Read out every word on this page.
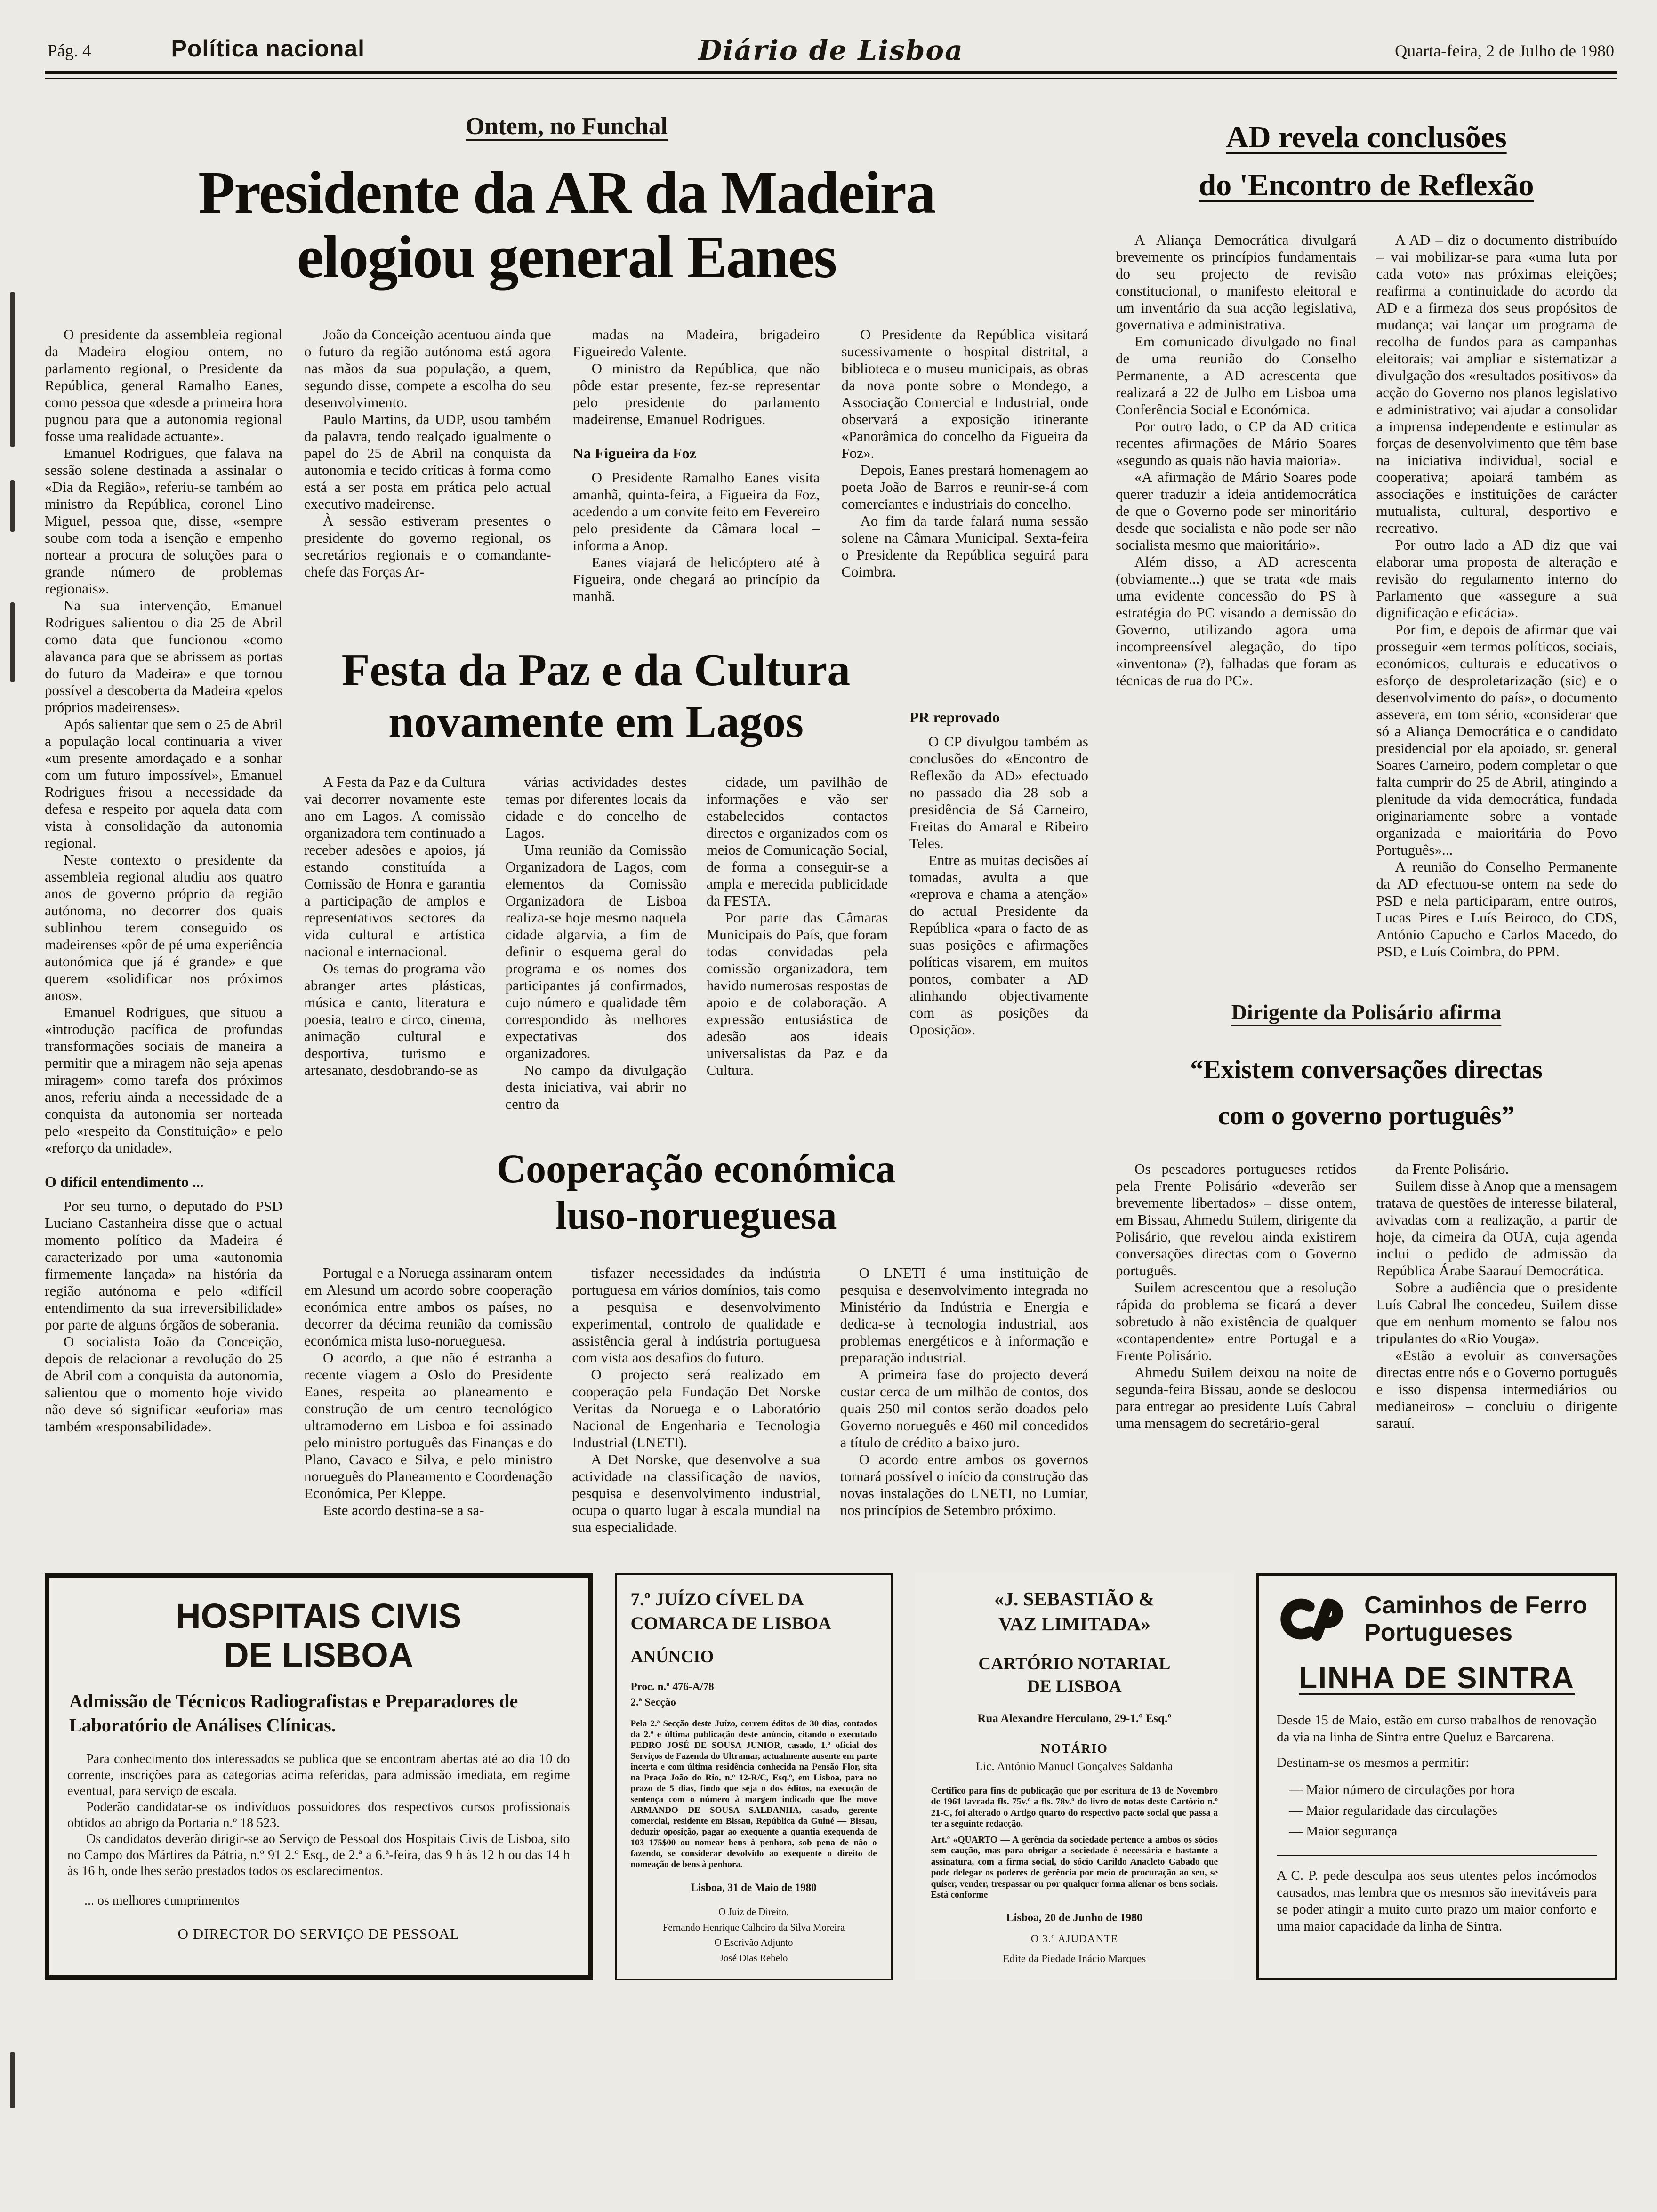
Pág. 4	Política nacional	Diário de Lisboa	Quarta-feira, 2 de Julho de 1980
Ontem, no Funchal
Presidente da AR da Madeira
elogiou general Eanes

O presidente da assembleia regional da Madeira elogiou ontem, no parlamento regional, o Presidente da República, general Ramalho Eanes, como pessoa que «desde a primeira hora pugnou para que a autonomia regional fosse uma realidade actuante».

Emanuel Rodrigues, que falava na sessão solene destinada a assinalar o «Dia da Região», referiu-se também ao ministro da República, coronel Lino Miguel, pessoa que, disse, «sempre soube com toda a isenção e empenho nortear a procura de soluções para o grande número de problemas regionais».

Na sua intervenção, Emanuel Rodrigues salientou o dia 25 de Abril como data que funcionou «como alavanca para que se abrissem as portas do futuro da Madeira» e que tornou possível a descoberta da Madeira «pelos próprios madeirenses».

Após salientar que sem o 25 de Abril a população local continuaria a viver «um presente amordaçado e a sonhar com um futuro impossível», Emanuel Rodrigues frisou a necessidade da defesa e respeito por aquela data com vista à consolidação da autonomia regional.

Neste contexto o presidente da assembleia regional aludiu aos quatro anos de governo próprio da região autónoma, no decorrer dos quais sublinhou terem conseguido os madeirenses «pôr de pé uma experiência autonómica que já é grande» e que querem «solidificar nos próximos anos».

Emanuel Rodrigues, que situou a «introdução pacífica de profundas transformações sociais de maneira a permitir que a miragem não seja apenas miragem» como tarefa dos próximos anos, referiu ainda a necessidade de a conquista da autonomia ser norteada pelo «respeito da Constituição» e pelo «reforço da unidade».

O difícil entendimento ...

Por seu turno, o deputado do PSD Luciano Castanheira disse que o actual momento político da Madeira é caracterizado por uma «autonomia firmemente lançada» na história da região autónoma e pelo «difícil entendimento da sua irreversibilidade» por parte de alguns órgãos de soberania.

O socialista João da Conceição, depois de relacionar a revolução do 25 de Abril com a conquista da autonomia, salientou que o momento hoje vivido não deve só significar «euforia» mas também «responsabilidade».

João da Conceição acentuou ainda que o futuro da região autónoma está agora nas mãos da sua população, a quem, segundo disse, compete a escolha do seu desenvolvimento.

Paulo Martins, da UDP, usou também da palavra, tendo realçado igualmente o papel do 25 de Abril na conquista da autonomia e tecido críticas à forma como está a ser posta em prática pelo actual executivo madeirense.

À sessão estiveram presentes o presidente do governo regional, os secretários regionais e o comandante-chefe das Forças Ar-

madas na Madeira, brigadeiro Figueiredo Valente.

O ministro da República, que não pôde estar presente, fez-se representar pelo presidente do parlamento madeirense, Emanuel Rodrigues.

Na Figueira da Foz

O Presidente Ramalho Eanes visita amanhã, quinta-feira, a Figueira da Foz, acedendo a um convite feito em Fevereiro pelo presidente da Câmara local – informa a Anop.

Eanes viajará de helicóptero até à Figueira, onde chegará ao princípio da manhã.

O Presidente da República visitará sucessivamente o hospital distrital, a biblioteca e o museu municipais, as obras da nova ponte sobre o Mondego, a Associação Comercial e Industrial, onde observará a exposição itinerante «Panorâmica do concelho da Figueira da Foz».

Depois, Eanes prestará homenagem ao poeta João de Barros e reunir-se-á com comerciantes e industriais do concelho.

Ao fim da tarde falará numa sessão solene na Câmara Municipal. Sexta-feira o Presidente da República seguirá para Coimbra.

Festa da Paz e da Cultura
novamente em Lagos

A Festa da Paz e da Cultura vai decorrer novamente este ano em Lagos. A comissão organizadora tem continuado a receber adesões e apoios, já estando constituída a Comissão de Honra e garantia a participação de amplos e representativos sectores da vida cultural e artística nacional e internacional.

Os temas do programa vão abranger artes plásticas, música e canto, literatura e poesia, teatro e circo, cinema, animação cultural e desportiva, turismo e artesanato, desdobrando-se as

várias actividades destes temas por diferentes locais da cidade e do concelho de Lagos.

Uma reunião da Comissão Organizadora de Lagos, com elementos da Comissão Organizadora de Lisboa realiza-se hoje mesmo naquela cidade algarvia, a fim de definir o esquema geral do programa e os nomes dos participantes já confirmados, cujo número e qualidade têm correspondido às melhores expectativas dos organizadores.

No campo da divulgação desta iniciativa, vai abrir no centro da

cidade, um pavilhão de informações e vão ser estabelecidos contactos directos e organizados com os meios de Comunicação Social, de forma a conseguir-se a ampla e merecida publicidade da FESTA.

Por parte das Câmaras Municipais do País, que foram todas convidadas pela comissão organizadora, tem havido numerosas respostas de apoio e de colaboração. A expressão entusiástica de adesão aos ideais universalistas da Paz e da Cultura.

PR reprovado

O CP divulgou também as conclusões do «Encontro de Reflexão da AD» efectuado no passado dia 28 sob a presidência de Sá Carneiro, Freitas do Amaral e Ribeiro Teles.

Entre as muitas decisões aí tomadas, avulta a que «reprova e chama a atenção» do actual Presidente da República «para o facto de as suas posições e afirmações políticas visarem, em muitos pontos, combater a AD alinhando objectivamente com as posições da Oposição».

Cooperação económica
luso-norueguesa

Portugal e a Noruega assinaram ontem em Alesund um acordo sobre cooperação económica entre ambos os países, no decorrer da décima reunião da comissão económica mista luso-norueguesa.

O acordo, a que não é estranha a recente viagem a Oslo do Presidente Eanes, respeita ao planeamento e construção de um centro tecnológico ultramoderno em Lisboa e foi assinado pelo ministro português das Finanças e do Plano, Cavaco e Silva, e pelo ministro norueguês do Planeamento e Coordenação Económica, Per Kleppe.

Este acordo destina-se a sa-

tisfazer necessidades da indústria portuguesa em vários domínios, tais como a pesquisa e desenvolvimento experimental, controlo de qualidade e assistência geral à indústria portuguesa com vista aos desafios do futuro.

O projecto será realizado em cooperação pela Fundação Det Norske Veritas da Noruega e o Laboratório Nacional de Engenharia e Tecnologia Industrial (LNETI).

A Det Norske, que desenvolve a sua actividade na classificação de navios, pesquisa e desenvolvimento industrial, ocupa o quarto lugar à escala mundial na sua especialidade.

O LNETI é uma instituição de pesquisa e desenvolvimento integrada no Ministério da Indústria e Energia e dedica-se à tecnologia industrial, aos problemas energéticos e à informação e preparação industrial.

A primeira fase do projecto deverá custar cerca de um milhão de contos, dos quais 250 mil contos serão doados pelo Governo norueguês e 460 mil concedidos a título de crédito a baixo juro.

O acordo entre ambos os governos tornará possível o início da construção das novas instalações do LNETI, no Lumiar, nos princípios de Setembro próximo.

AD revela conclusões
do 'Encontro de Reflexão

A Aliança Democrática divulgará brevemente os princípios fundamentais do seu projecto de revisão constitucional, o manifesto eleitoral e um inventário da sua acção legislativa, governativa e administrativa.

Em comunicado divulgado no final de uma reunião do Conselho Permanente, a AD acrescenta que realizará a 22 de Julho em Lisboa uma Conferência Social e Económica.

Por outro lado, o CP da AD critica recentes afirmações de Mário Soares «segundo as quais não havia maioria».

«A afirmação de Mário Soares pode querer traduzir a ideia antidemocrática de que o Governo pode ser minoritário desde que socialista e não pode ser não socialista mesmo que maioritário».

Além disso, a AD acrescenta (obviamente...) que se trata «de mais uma evidente concessão do PS à estratégia do PC visando a demissão do Governo, utilizando agora uma incompreensível alegação, do tipo «inventona» (?), falhadas que foram as técnicas de rua do PC».

A AD – diz o documento distribuído – vai mobilizar-se para «uma luta por cada voto» nas próximas eleições; reafirma a continuidade do acordo da AD e a firmeza dos seus propósitos de mudança; vai lançar um programa de recolha de fundos para as campanhas eleitorais; vai ampliar e sistematizar a divulgação dos «resultados positivos» da acção do Governo nos planos legislativo e administrativo; vai ajudar a consolidar a imprensa independente e estimular as forças de desenvolvimento que têm base na iniciativa individual, social e cooperativa; apoiará também as associações e instituições de carácter mutualista, cultural, desportivo e recreativo.

Por outro lado a AD diz que vai elaborar uma proposta de alteração e revisão do regulamento interno do Parlamento que «assegure a sua dignificação e eficácia».

Por fim, e depois de afirmar que vai prosseguir «em termos políticos, sociais, económicos, culturais e educativos o esforço de desproletarização (sic) e o desenvolvimento do país», o documento assevera, em tom sério, «considerar que só a Aliança Democrática e o candidato presidencial por ela apoiado, sr. general Soares Carneiro, podem completar o que falta cumprir do 25 de Abril, atingindo a plenitude da vida democrática, fundada originariamente sobre a vontade organizada e maioritária do Povo Português»...

A reunião do Conselho Permanente da AD efectuou-se ontem na sede do PSD e nela participaram, entre outros, Lucas Pires e Luís Beiroco, do CDS, António Capucho e Carlos Macedo, do PSD, e Luís Coimbra, do PPM.

Dirigente da Polisário afirma
“Existem conversações directas
com o governo português”

Os pescadores portugueses retidos pela Frente Polisário «deverão ser brevemente libertados» – disse ontem, em Bissau, Ahmedu Suilem, dirigente da Polisário, que revelou ainda existirem conversações directas com o Governo português.

Suilem acrescentou que a resolução rápida do problema se ficará a dever sobretudo à não existência de qualquer «contapendente» entre Portugal e a Frente Polisário.

Ahmedu Suilem deixou na noite de segunda-feira Bissau, aonde se deslocou para entregar ao presidente Luís Cabral uma mensagem do secretário-geral

da Frente Polisário.

Suilem disse à Anop que a mensagem tratava de questões de interesse bilateral, avivadas com a realização, a partir de hoje, da cimeira da OUA, cuja agenda inclui o pedido de admissão da República Árabe Saarauí Democrática.

Sobre a audiência que o presidente Luís Cabral lhe concedeu, Suilem disse que em nenhum momento se falou nos tripulantes do «Rio Vouga».

«Estão a evoluir as conversações directas entre nós e o Governo português e isso dispensa intermediários ou medianeiros» – concluiu o dirigente sarauí.

HOSPITAIS CIVIS
DE LISBOA

Admissão de Técnicos Radiografistas e Preparadores de Laboratório de Análises Clínicas.

Para conhecimento dos interessados se publica que se encontram abertas até ao dia 10 do corrente, inscrições para as categorias acima referidas, para admissão imediata, em regime eventual, para serviço de escala.

Poderão candidatar-se os indivíduos possuidores dos respectivos cursos profissionais obtidos ao abrigo da Portaria n.º 18 523.

Os candidatos deverão dirigir-se ao Serviço de Pessoal dos Hospitais Civis de Lisboa, sito no Campo dos Mártires da Pátria, n.º 91 2.º Esq., de 2.ª a 6.ª-feira, das 9 h às 12 h ou das 14 h às 16 h, onde lhes serão prestados todos os esclarecimentos.

... os melhores cumprimentos

O DIRECTOR DO SERVIÇO DE PESSOAL

7.º JUÍZO CÍVEL DA
COMARCA DE LISBOA

ANÚNCIO

Proc. n.º 476-A/78
2.ª Secção

Pela 2.ª Secção deste Juízo, correm éditos de 30 dias, contados da 2.ª e última publicação deste anúncio, citando o executado PEDRO JOSÉ DE SOUSA JUNIOR, casado, 1.º oficial dos Serviços de Fazenda do Ultramar, actualmente ausente em parte incerta e com última residência conhecida na Pensão Flor, sita na Praça João do Rio, n.º 12-R/C, Esq.º, em Lisboa, para no prazo de 5 dias, findo que seja o dos éditos, na execução de sentença com o número à margem indicado que lhe move ARMANDO DE SOUSA SALDANHA, casado, gerente comercial, residente em Bissau, República da Guiné — Bissau, deduzir oposição, pagar ao exequente a quantia exequenda de 103 175$00 ou nomear bens à penhora, sob pena de não o fazendo, se considerar devolvido ao exequente o direito de nomeação de bens à penhora.

Lisboa, 31 de Maio de 1980

O Juiz de Direito,
Fernando Henrique Calheiro da Silva Moreira
O Escrivão Adjunto
José Dias Rebelo

«J. SEBASTIÃO &
VAZ LIMITADA»

CARTÓRIO NOTARIAL
DE LISBOA

Rua Alexandre Herculano, 29-1.º Esq.º

NOTÁRIO

Lic. António Manuel Gonçalves Saldanha

Certifico para fins de publicação que por escritura de 13 de Novembro de 1961 lavrada fls. 75v.º a fls. 78v.º do livro de notas deste Cartório n.º 21-C, foi alterado o Artigo quarto do respectivo pacto social que passa a ter a seguinte redacção.

Art.º «QUARTO — A gerência da sociedade pertence a ambos os sócios sem caução, mas para obrigar a sociedade é necessária e bastante a assinatura, com a firma social, do sócio Carildo Anacleto Gabado que pode delegar os poderes de gerência por meio de procuração ao seu, se quiser, vender, trespassar ou por qualquer forma alienar os bens sociais. Está conforme

Lisboa, 20 de Junho de 1980

O 3.º AJUDANTE

Edite da Piedade Inácio Marques

Caminhos de Ferro
Portugueses
LINHA DE SINTRA

Desde 15 de Maio, estão em curso trabalhos de renovação da via na linha de Sintra entre Queluz e Barcarena.

Destinam-se os mesmos a permitir:

— Maior número de circulações por hora

— Maior regularidade das circulações

— Maior segurança

A C. P. pede desculpa aos seus utentes pelos incómodos causados, mas lembra que os mesmos são inevitáveis para se poder atingir a muito curto prazo um maior conforto e uma maior capacidade da linha de Sintra.
